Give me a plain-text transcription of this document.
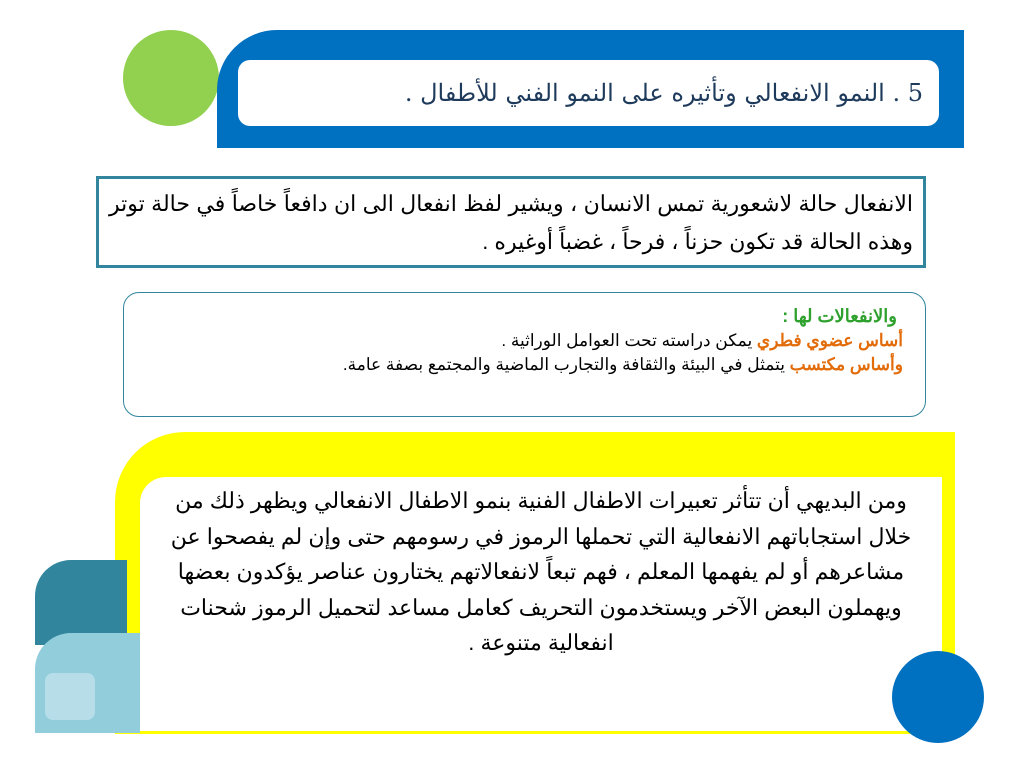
5 . النمو الانفعالي وتأثيره على النمو الفني للأطفال .
الانفعال حالة لاشعورية تمس الانسان ، ويشير لفظ انفعال الى ان دافعاً خاصاً في حالة توتر وهذه الحالة قد تكون حزناً ، فرحاً ، غضباً أوغيره .
والانفعالات لها :
أساس عضوي فطري يمكن دراسته تحت العوامل الوراثية .
وأساس مكتسب يتمثل في البيئة والثقافة والتجارب الماضية والمجتمع بصفة عامة.
ومن البديهي أن تتأثر تعبيرات الاطفال الفنية بنمو الاطفال الانفعالي ويظهر ذلك من خلال استجاباتهم الانفعالية التي تحملها الرموز في رسومهم حتى وإن لم يفصحوا عن مشاعرهم أو لم يفهمها المعلم ، فهم تبعاً لانفعالاتهم يختارون عناصر يؤكدون بعضها ويهملون البعض الآخر ويستخدمون التحريف كعامل مساعد لتحميل الرموز شحنات انفعالية متنوعة .
